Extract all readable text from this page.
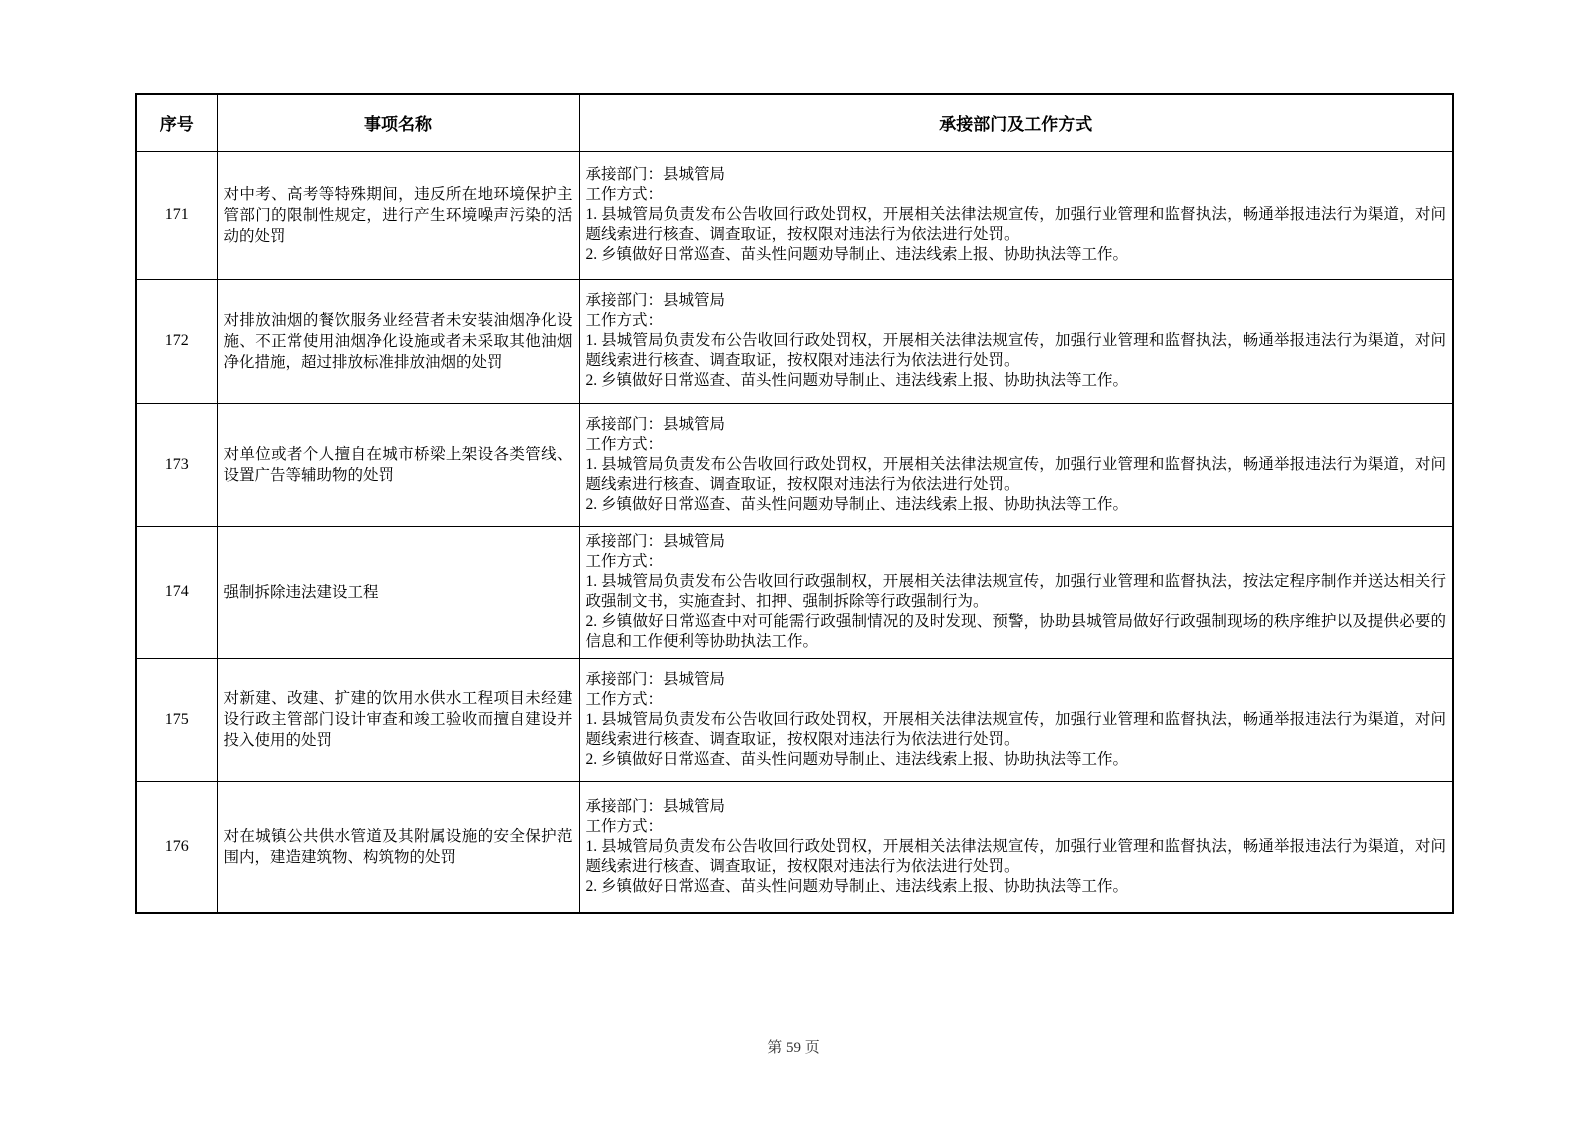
序号	事项名称	承接部门及工作方式
171	对中考、高考等特殊期间，违反所在地环境保护主管部门的限制性规定，进行产生环境噪声污染的活动的处罚	承接部门：县城管局
工作方式：
1. 县城管局负责发布公告收回行政处罚权，开展相关法律法规宣传，加强行业管理和监督执法，畅通举报违法行为渠道，对问题线索进行核查、调查取证，按权限对违法行为依法进行处罚。
2. 乡镇做好日常巡查、苗头性问题劝导制止、违法线索上报、协助执法等工作。

172	对排放油烟的餐饮服务业经营者未安装油烟净化设施、不正常使用油烟净化设施或者未采取其他油烟净化措施，超过排放标准排放油烟的处罚	承接部门：县城管局
工作方式：
1. 县城管局负责发布公告收回行政处罚权，开展相关法律法规宣传，加强行业管理和监督执法，畅通举报违法行为渠道，对问题线索进行核查、调查取证，按权限对违法行为依法进行处罚。
2. 乡镇做好日常巡查、苗头性问题劝导制止、违法线索上报、协助执法等工作。

173	对单位或者个人擅自在城市桥梁上架设各类管线、设置广告等辅助物的处罚	承接部门：县城管局
工作方式：
1. 县城管局负责发布公告收回行政处罚权，开展相关法律法规宣传，加强行业管理和监督执法，畅通举报违法行为渠道，对问题线索进行核查、调查取证，按权限对违法行为依法进行处罚。
2. 乡镇做好日常巡查、苗头性问题劝导制止、违法线索上报、协助执法等工作。

174	强制拆除违法建设工程	承接部门：县城管局
工作方式：
1. 县城管局负责发布公告收回行政强制权，开展相关法律法规宣传，加强行业管理和监督执法，按法定程序制作并送达相关行政强制文书，实施查封、扣押、强制拆除等行政强制行为。
2. 乡镇做好日常巡查中对可能需行政强制情况的及时发现、预警，协助县城管局做好行政强制现场的秩序维护以及提供必要的信息和工作便利等协助执法工作。

175	对新建、改建、扩建的饮用水供水工程项目未经建设行政主管部门设计审查和竣工验收而擅自建设并投入使用的处罚	承接部门：县城管局
工作方式：
1. 县城管局负责发布公告收回行政处罚权，开展相关法律法规宣传，加强行业管理和监督执法，畅通举报违法行为渠道，对问题线索进行核查、调查取证，按权限对违法行为依法进行处罚。
2. 乡镇做好日常巡查、苗头性问题劝导制止、违法线索上报、协助执法等工作。

176	对在城镇公共供水管道及其附属设施的安全保护范围内，建造建筑物、构筑物的处罚	承接部门：县城管局
工作方式：
1. 县城管局负责发布公告收回行政处罚权，开展相关法律法规宣传，加强行业管理和监督执法，畅通举报违法行为渠道，对问题线索进行核查、调查取证，按权限对违法行为依法进行处罚。
2. 乡镇做好日常巡查、苗头性问题劝导制止、违法线索上报、协助执法等工作。
第 59 页
